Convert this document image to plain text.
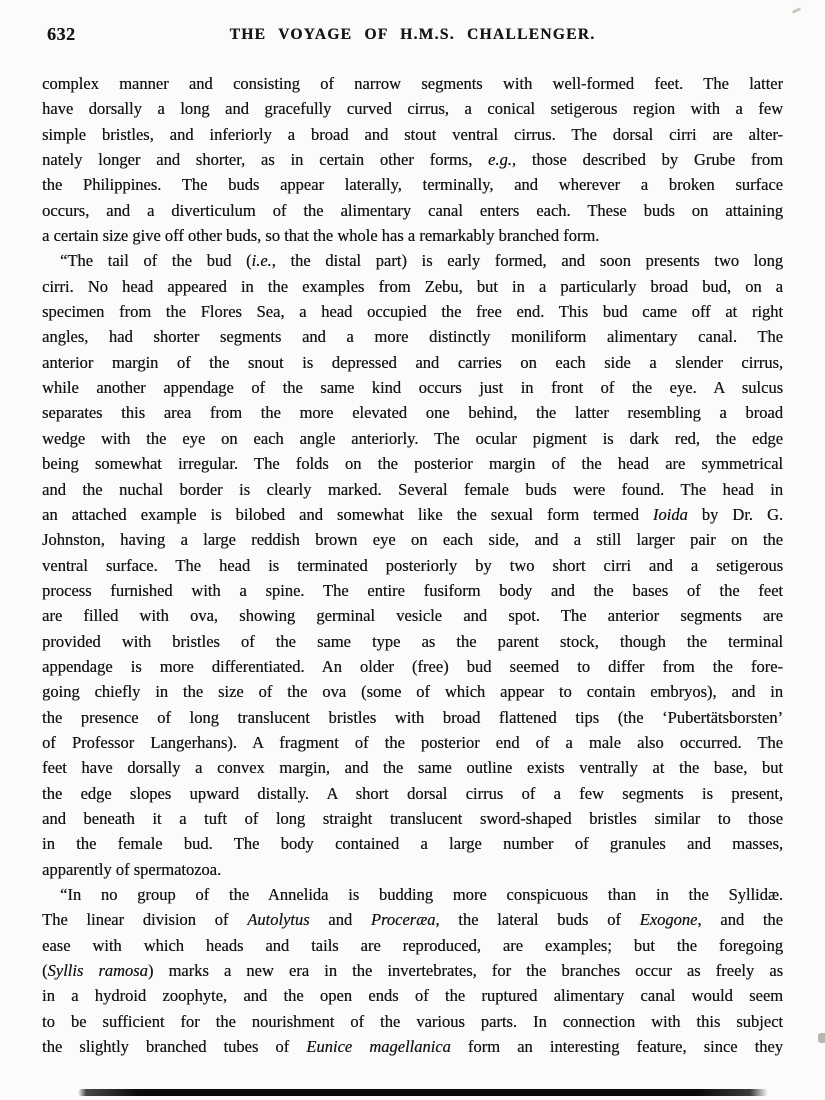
632	THE VOYAGE OF H.M.S. CHALLENGER.
complex manner and consisting of narrow segments with well-formed feet. The latter
have dorsally a long and gracefully curved cirrus, a conical setigerous region with a few
simple bristles, and inferiorly a broad and stout ventral cirrus. The dorsal cirri are alter-
nately longer and shorter, as in certain other forms, e.g., those described by Grube from
the Philippines. The buds appear laterally, terminally, and wherever a broken surface
occurs, and a diverticulum of the alimentary canal enters each. These buds on attaining
a certain size give off other buds, so that the whole has a remarkably branched form.
“The tail of the bud (i.e., the distal part) is early formed, and soon presents two long
cirri. No head appeared in the examples from Zebu, but in a particularly broad bud, on a
specimen from the Flores Sea, a head occupied the free end. This bud came off at right
angles, had shorter segments and a more distinctly moniliform alimentary canal. The
anterior margin of the snout is depressed and carries on each side a slender cirrus,
while another appendage of the same kind occurs just in front of the eye. A sulcus
separates this area from the more elevated one behind, the latter resembling a broad
wedge with the eye on each angle anteriorly. The ocular pigment is dark red, the edge
being somewhat irregular. The folds on the posterior margin of the head are symmetrical
and the nuchal border is clearly marked. Several female buds were found. The head in
an attached example is bilobed and somewhat like the sexual form termed Ioida by Dr. G.
Johnston, having a large reddish brown eye on each side, and a still larger pair on the
ventral surface. The head is terminated posteriorly by two short cirri and a setigerous
process furnished with a spine. The entire fusiform body and the bases of the feet
are filled with ova, showing germinal vesicle and spot. The anterior segments are
provided with bristles of the same type as the parent stock, though the terminal
appendage is more differentiated. An older (free) bud seemed to differ from the fore-
going chiefly in the size of the ova (some of which appear to contain embryos), and in
the presence of long translucent bristles with broad flattened tips (the ‘Pubertätsborsten’
of Professor Langerhans). A fragment of the posterior end of a male also occurred. The
feet have dorsally a convex margin, and the same outline exists ventrally at the base, but
the edge slopes upward distally. A short dorsal cirrus of a few segments is present,
and beneath it a tuft of long straight translucent sword-shaped bristles similar to those
in the female bud. The body contained a large number of granules and masses,
apparently of spermatozoa.
“In no group of the Annelida is budding more conspicuous than in the Syllidæ.
The linear division of Autolytus and Proceræa, the lateral buds of Exogone, and the
ease with which heads and tails are reproduced, are examples; but the foregoing
(Syllis ramosa) marks a new era in the invertebrates, for the branches occur as freely as
in a hydroid zoophyte, and the open ends of the ruptured alimentary canal would seem
to be sufficient for the nourishment of the various parts. In connection with this subject
the slightly branched tubes of Eunice magellanica form an interesting feature, since they
